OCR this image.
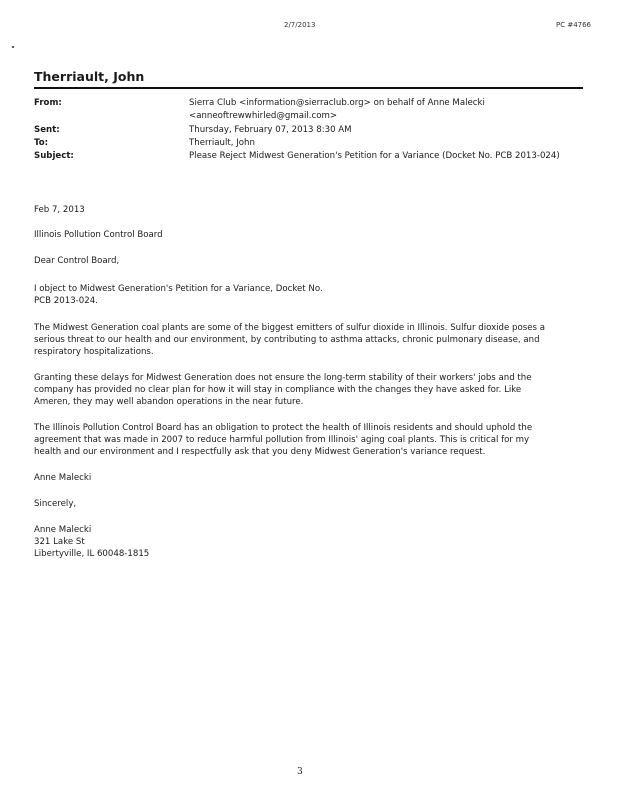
2/7/2013	PC #4766
Therriault, John
From:	Sierra Club <information@sierraclub.org> on behalf of Anne Malecki
<anneoftrewwhirled@gmail.com>
Sent:	Thursday, February 07, 2013 8:30 AM
To:	Therriault, John
Subject:	Please Reject Midwest Generation's Petition for a Variance (Docket No. PCB 2013-024)
Feb 7, 2013
Illinois Pollution Control Board
Dear Control Board,
I object to Midwest Generation's Petition for a Variance, Docket No.
PCB 2013-024.
The Midwest Generation coal plants are some of the biggest emitters of sulfur dioxide in Illinois. Sulfur dioxide poses a
serious threat to our health and our environment, by contributing to asthma attacks, chronic pulmonary disease, and
respiratory hospitalizations.
Granting these delays for Midwest Generation does not ensure the long-term stability of their workers' jobs and the
company has provided no clear plan for how it will stay in compliance with the changes they have asked for. Like
Ameren, they may well abandon operations in the near future.
The Illinois Pollution Control Board has an obligation to protect the health of Illinois residents and should uphold the
agreement that was made in 2007 to reduce harmful pollution from Illinois' aging coal plants. This is critical for my
health and our environment and I respectfully ask that you deny Midwest Generation's variance request.
Anne Malecki
Sincerely,
Anne Malecki
321 Lake St
Libertyville, IL 60048-1815
3
